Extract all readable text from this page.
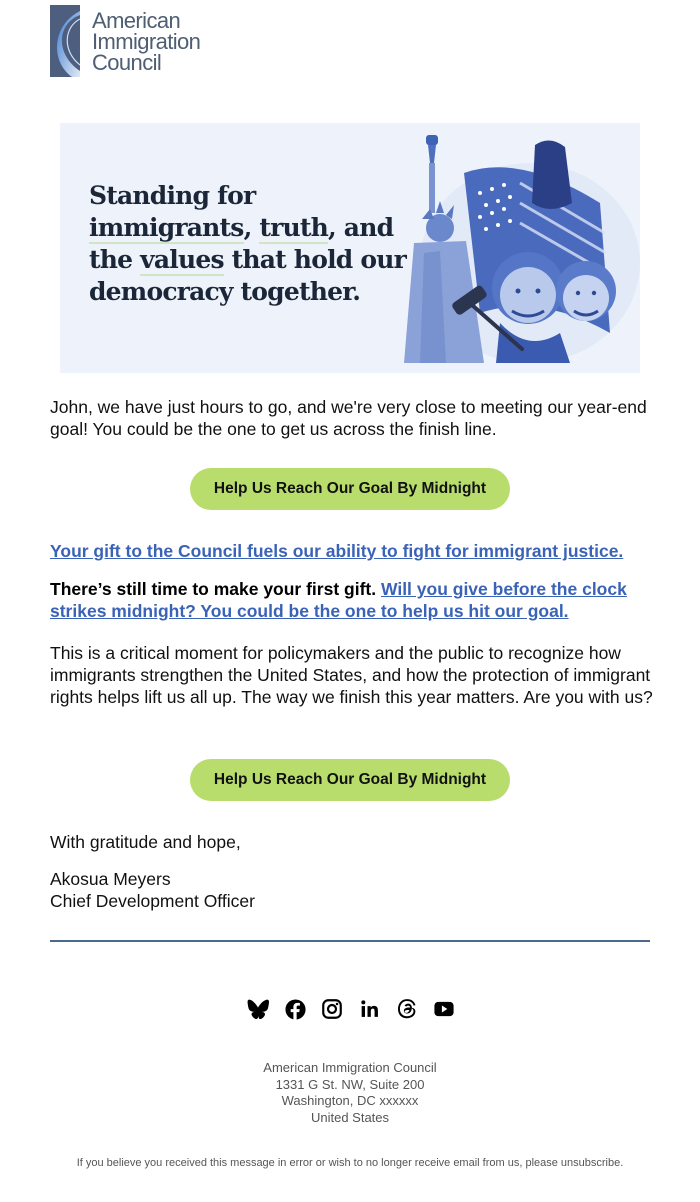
American
Immigration
Council
Standing for
immigrants, truth, and
the values that hold our
democracy together.

John, we have just hours to go, and we're very close to meeting our year-end goal! You could be the one to get us across the finish line.

Help Us Reach Our Goal By Midnight

Your gift to the Council fuels our ability to fight for immigrant justice.

There’s still time to make your first gift. Will you give before the clock strikes midnight? You could be the one to help us hit our goal.

This is a critical moment for policymakers and the public to recognize how immigrants strengthen the United States, and how the protection of immigrant rights helps lift us all up. The way we finish this year matters. Are you with us?

Help Us Reach Our Goal By Midnight

With gratitude and hope,

Akosua Meyers

Chief Development Officer

American Immigration Council
1331 G St. NW, Suite 200
Washington, DC xxxxxx
United States
If you believe you received this message in error or wish to no longer receive email from us, please unsubscribe.
